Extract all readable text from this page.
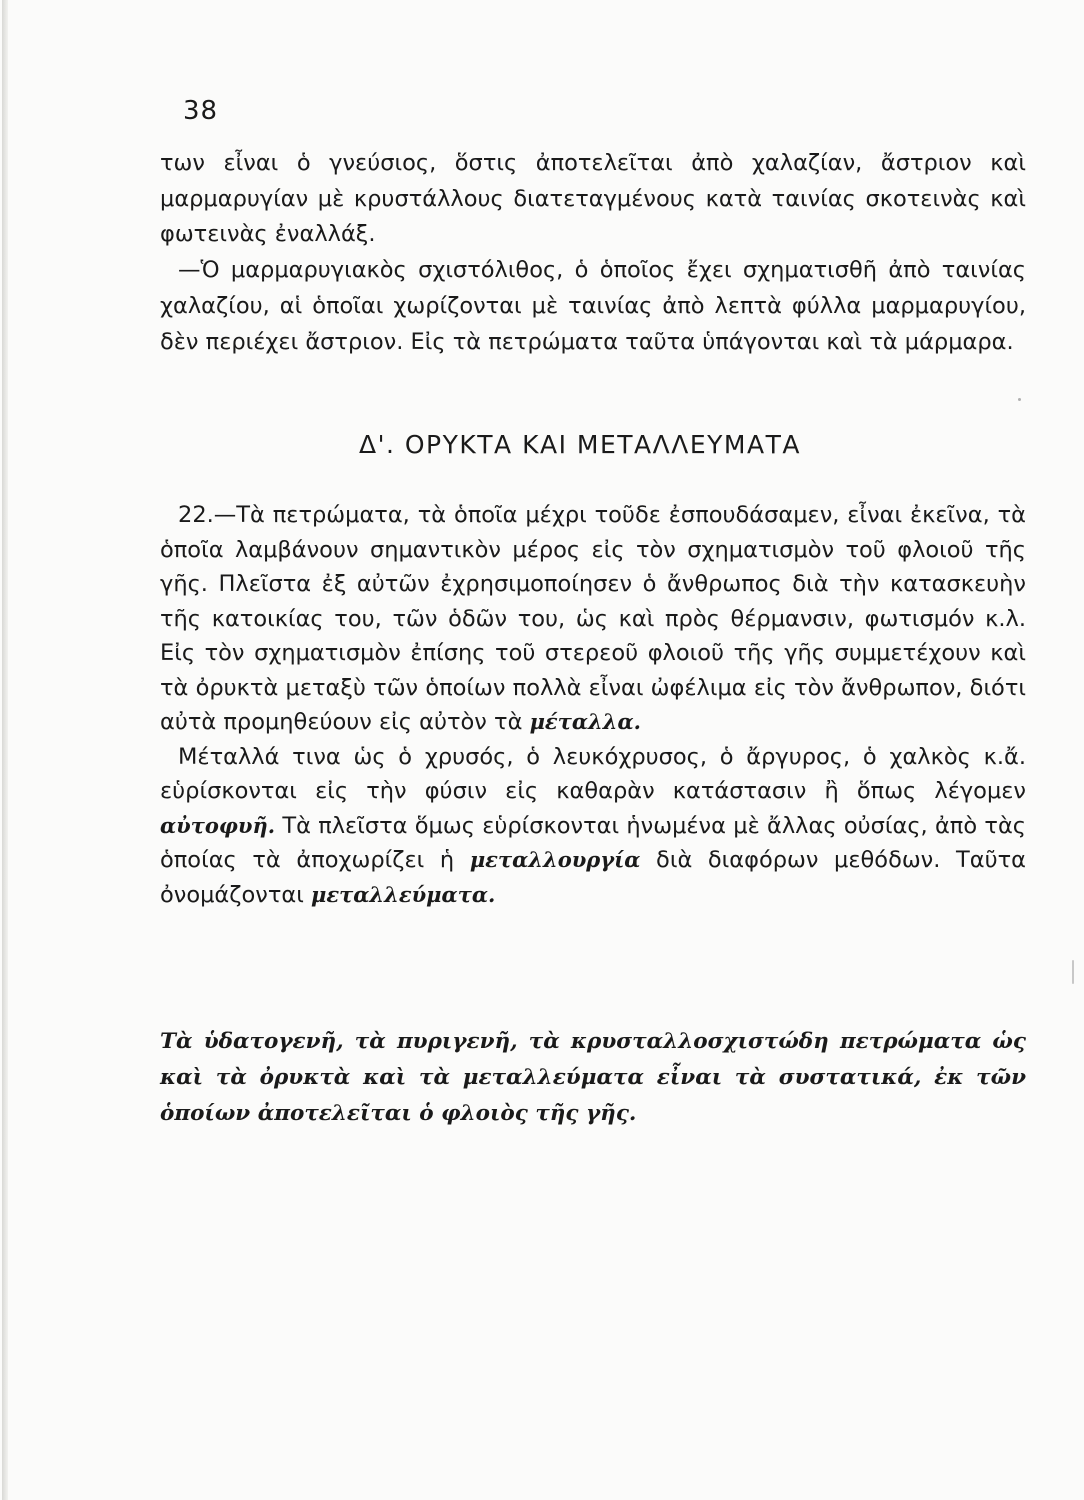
38

των εἶναι ὁ γνεύσιος, ὅστις ἀποτελεῖται ἀπὸ χαλαζίαν, ἄστριον καὶ μαρμαρυγίαν μὲ κρυστάλλους διατεταγμένους κατὰ ταινίας σκοτεινὰς καὶ φωτεινὰς ἐναλλάξ.

—Ὁ μαρμαρυγιακὸς σχιστόλιθος, ὁ ὁποῖος ἔχει σχηματισθῆ ἀπὸ ταινίας χαλαζίου, αἱ ὁποῖαι χωρίζονται μὲ ταινίας ἀπὸ λεπτὰ φύλλα μαρμαρυγίου, δὲν περιέχει ἄστριον. Εἰς τὰ πετρώματα ταῦτα ὑπάγονται καὶ τὰ μάρμαρα.

Δ'. ΟΡΥΚΤΑ ΚΑΙ ΜΕΤΑΛΛΕΥΜΑΤΑ

22.—Τὰ πετρώματα, τὰ ὁποῖα μέχρι τοῦδε ἐσπουδάσαμεν, εἶναι ἐκεῖνα, τὰ ὁποῖα λαμβάνουν σημαντικὸν μέρος εἰς τὸν σχηματισμὸν τοῦ φλοιοῦ τῆς γῆς. Πλεῖστα ἐξ αὐτῶν ἐχρησιμοποίησεν ὁ ἄνθρωπος διὰ τὴν κατασκευὴν τῆς κατοικίας του, τῶν ὁδῶν του, ὡς καὶ πρὸς θέρμανσιν, φωτισμόν κ.λ. Εἰς τὸν σχηματισμὸν ἐπίσης τοῦ στερεοῦ φλοιοῦ τῆς γῆς συμμετέχουν καὶ τὰ ὀρυκτὰ μεταξὺ τῶν ὁποίων πολλὰ εἶναι ὠφέλιμα εἰς τὸν ἄνθρωπον, διότι αὐτὰ προμηθεύουν εἰς αὐτὸν τὰ μέταλλα.

Μέταλλά τινα ὡς ὁ χρυσός, ὁ λευκόχρυσος, ὁ ἄργυρος, ὁ χαλκὸς κ.ἄ. εὑρίσκονται εἰς τὴν φύσιν εἰς καθαρὰν κατάστασιν ἢ ὅπως λέγομεν αὐτοφυῆ. Τὰ πλεῖστα ὅμως εὑρίσκονται ἡνωμένα μὲ ἄλλας οὐσίας, ἀπὸ τὰς ὁποίας τὰ ἀποχωρίζει ἡ μεταλλουργία διὰ διαφόρων μεθόδων. Ταῦτα ὀνομάζονται μεταλλεύματα.

Τὰ ὑδατογενῆ, τὰ πυριγενῆ, τὰ κρυσταλλοσχιστώδη πετρώματα ὡς καὶ τὰ ὀρυκτὰ καὶ τὰ μεταλλεύματα εἶναι τὰ συστατικά, ἐκ τῶν ὁποίων ἀποτελεῖται ὁ φλοιὸς τῆς γῆς.
